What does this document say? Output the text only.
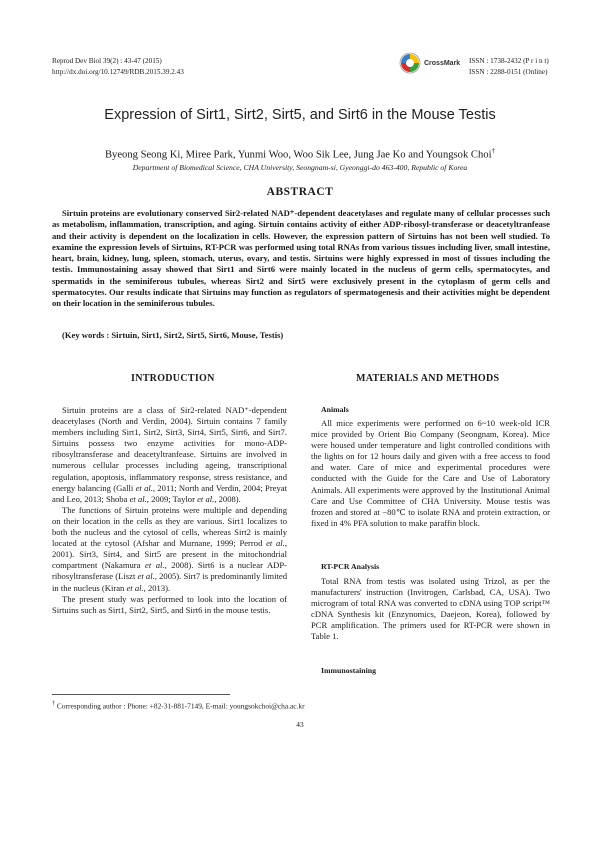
Reprod Dev Biol 39(2) : 43-47 (2015)
http://dx.doi.org/10.12749/RDB.2015.39.2.43
CrossMark ISSN : 1738-2432 (P r i n t)
ISSN : 2288-0151 (Online)
Expression of Sirt1, Sirt2, Sirt5, and Sirt6 in the Mouse Testis
Byeong Seong Ki, Miree Park, Yunmi Woo, Woo Sik Lee, Jung Jae Ko and Youngsok Choi†
Department of Biomedical Science, CHA University, Seongnam-si, Gyeonggi-do 463-400, Republic of Korea
ABSTRACT
Sirtuin proteins are evolutionary conserved Sir2-related NAD⁺-dependent deacetylases and regulate many of cellular processes such as metabolism, inflammation, transcription, and aging. Sirtuin contains activity of either ADP-ribosyl-transferase or deacetyltranfease and their activity is dependent on the localization in cells. However, the expression pattern of Sirtuins has not been well studied. To examine the expression levels of Sirtuins, RT-PCR was performed using total RNAs from various tissues including liver, small intestine, heart, brain, kidney, lung, spleen, stomach, uterus, ovary, and testis. Sirtuins were highly expressed in most of tissues including the testis. Immunostaining assay showed that Sirt1 and Sirt6 were mainly located in the nucleus of germ cells, spermatocytes, and spermatids in the seminiferous tubules, whereas Sirt2 and Sirt5 were exclusively present in the cytoplasm of germ cells and spermatocytes. Our results indicate that Sirtuins may function as regulators of spermatogenesis and their activities might be dependent on their location in the seminiferous tubules.
(Key words : Sirtuin, Sirt1, Sirt2, Sirt5, Sirt6, Mouse, Testis)
INTRODUCTION

Sirtuin proteins are a class of Sir2-related NAD⁺-dependent deacetylases (North and Verdin, 2004). Sirtuin contains 7 family members including Sirt1, Sirt2, Sirt3, Sirt4, Sirt5, Sirt6, and Sirt7. Sirtuins possess two enzyme activities for mono-ADP-ribosyltransferase and deacetyltranfease. Sirtuins are involved in numerous cellular processes including ageing, transcriptional regulation, apoptosis, inflammatory response, stress resistance, and energy balancing (Galli et al., 2011; North and Verdin, 2004; Preyat and Leo, 2013; Shoba et al., 2009; Taylor et al., 2008).

The functions of Sirtuin proteins were multiple and depending on their location in the cells as they are various. Sirt1 localizes to both the nucleus and the cytosol of cells, whereas Sirt2 is mainly located at the cytosol (Afshar and Murnane, 1999; Perrod et al., 2001). Sirt3, Sirt4, and Sirt5 are present in the mitochondrial compartment (Nakamura et al., 2008). Sirt6 is a nuclear ADP-ribosyltransferase (Liszt et al., 2005). Sirt7 is predominantly limited in the nucleus (Kiran et al., 2013).

The present study was performed to look into the location of Sirtuins such as Sirt1, Sirt2, Sirt5, and Sirt6 in the mouse testis.

MATERIALS AND METHODS
Animals

All mice experiments were performed on 6~10 week-old ICR mice provided by Orient Bio Company (Seongnam, Korea). Mice were housed under temperature and light controlled conditions with the lights on for 12 hours daily and given with a free access to food and water. Care of mice and experimental procedures were conducted with the Guide for the Care and Use of Laboratory Animals. All experiments were approved by the Institutional Animal Care and Use Committee of CHA University. Mouse testis was frozen and stored at −80℃ to isolate RNA and protein extraction, or fixed in 4% PFA solution to make paraffin block.

RT-PCR Analysis

Total RNA from testis was isolated using Trizol, as per the manufacturers' instruction (Invitrogen, Carlsbad, CA, USA). Two microgram of total RNA was converted to cDNA using TOP script™ cDNA Synthesis kit (Enzynomics, Daejeon, Korea), followed by PCR amplification. The primers used for RT-PCR were shown in Table 1.

Immunostaining
† Corresponding author : Phone: +82-31-881-7149, E-mail: youngsokchoi@cha.ac.kr
43
